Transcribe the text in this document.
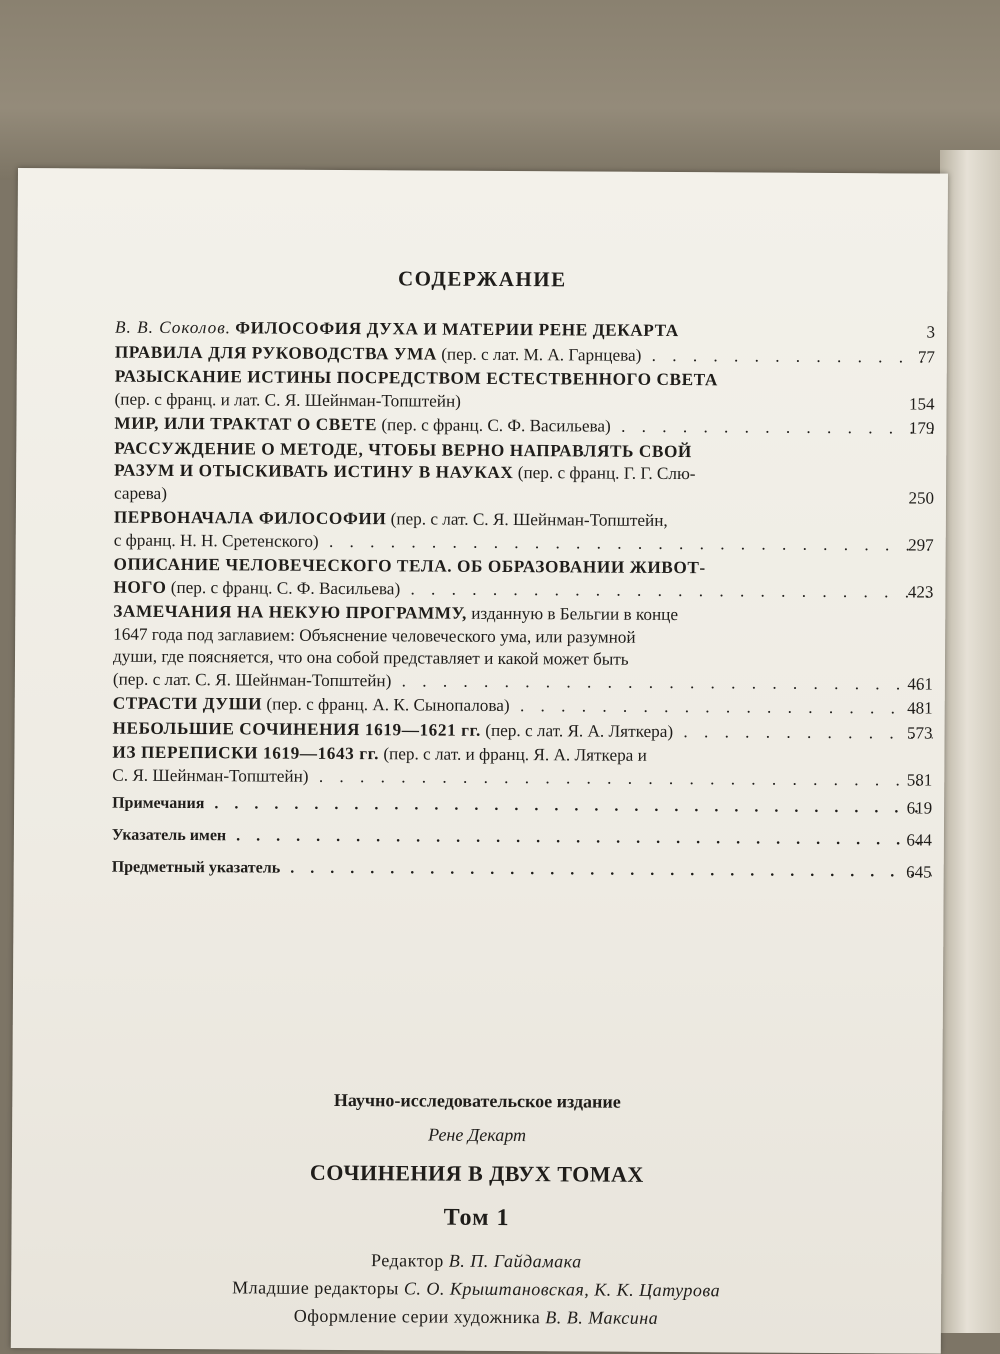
СОДЕРЖАНИЕ
В. В. Соколов. ФИЛОСОФИЯ ДУХА И МАТЕРИИ РЕНЕ ДЕКАРТА	3
ПРАВИЛА ДЛЯ РУКОВОДСТВА УМА (пер. с лат. М. А. Гарнцева) . . .	77
РАЗЫСКАНИЕ ИСТИНЫ ПОСРЕДСТВОМ ЕСТЕСТВЕННОГО СВЕТА
(пер. с франц. и лат. С. Я. Шейнман-Топштейн)	154
МИР, ИЛИ ТРАКТАТ О СВЕТЕ (пер. с франц. С. Ф. Васильева) . . .	179
РАССУЖДЕНИЕ О МЕТОДЕ, ЧТОБЫ ВЕРНО НАПРАВЛЯТЬ СВОЙ
РАЗУМ И ОТЫСКИВАТЬ ИСТИНУ В НАУКАХ (пер. с франц. Г. Г. Слю-
сарева)	250
ПЕРВОНАЧАЛА ФИЛОСОФИИ (пер. с лат. С. Я. Шейнман-Топштейн,
с франц. Н. Н. Сретенского) . . .	297
ОПИСАНИЕ ЧЕЛОВЕЧЕСКОГО ТЕЛА. ОБ ОБРАЗОВАНИИ ЖИВОТ-
НОГО (пер. с франц. С. Ф. Васильева) . . .	423
ЗАМЕЧАНИЯ НА НЕКУЮ ПРОГРАММУ, изданную в Бельгии в конце
1647 года под заглавием: Объяснение человеческого ума, или разумной
души, где поясняется, что она собой представляет и какой может быть
(пер. с лат. С. Я. Шейнман-Топштейн) . . .	461
СТРАСТИ ДУШИ (пер. с франц. А. К. Сынопалова) . . .	481
НЕБОЛЬШИЕ СОЧИНЕНИЯ 1619—1621 гг. (пер. с лат. Я. А. Ляткера) . . .	573
ИЗ ПЕРЕПИСКИ 1619—1643 гг. (пер. с лат. и франц. Я. А. Ляткера и
С. Я. Шейнман-Топштейн) . . .	581
Примечания . . .	619
Указатель имен . . .	644
Предметный указатель . . .	645
Научно-исследовательское издание
Рене Декарт
СОЧИНЕНИЯ В ДВУХ ТОМАХ
Том 1
Редактор В. П. Гайдамака
Младшие редакторы С. О. Крыштановская, К. К. Цатурова
Оформление серии художника В. В. Максина
